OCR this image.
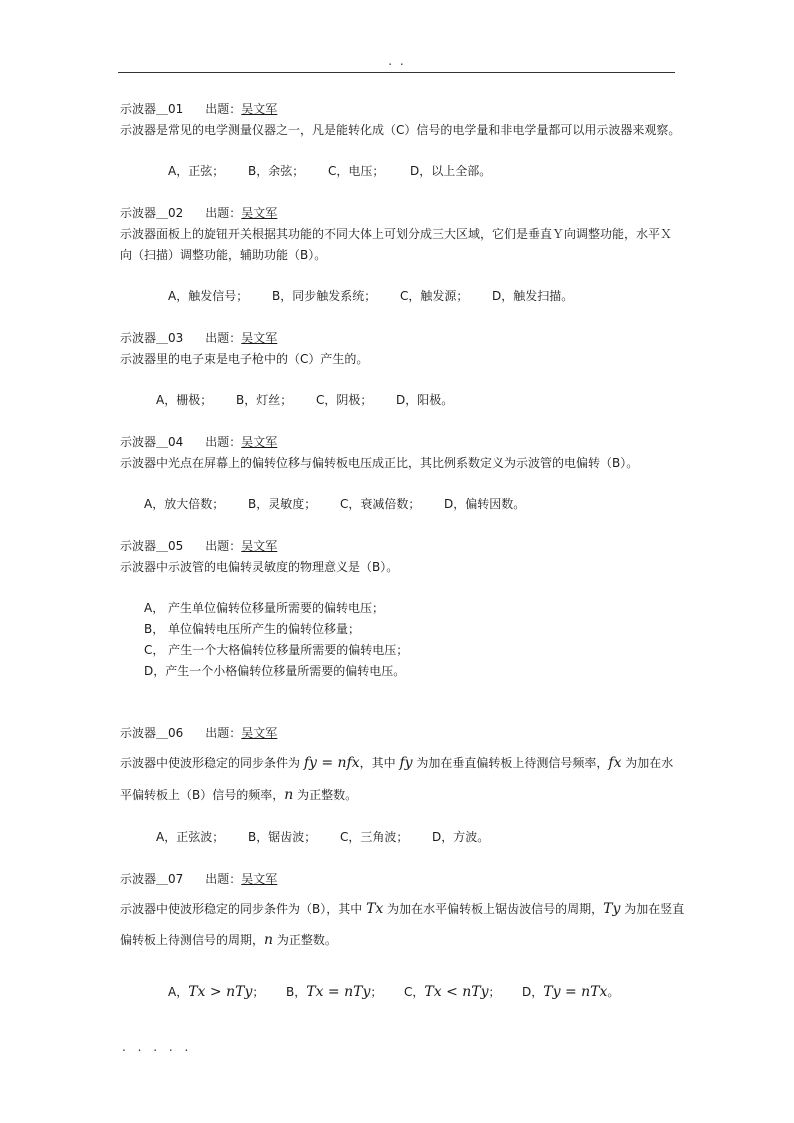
. .
示波器＿01 出题：吴文军
示波器是常见的电学测量仪器之一，凡是能转化成（C）信号的电学量和非电学量都可以用示波器来观察。
A，正弦； B，余弦； C，电压； D，以上全部。
示波器＿02 出题：吴文军
示波器面板上的旋钮开关根据其功能的不同大体上可划分成三大区域，它们是垂直Ｙ向调整功能，水平Ｘ
向（扫描）调整功能，辅助功能（B）。
A，触发信号； B，同步触发系统； C，触发源； D，触发扫描。
示波器＿03 出题：吴文军
示波器里的电子束是电子枪中的（C）产生的。
A，栅极； B，灯丝； C，阴极； D，阳极。
示波器＿04 出题：吴文军
示波器中光点在屏幕上的偏转位移与偏转板电压成正比，其比例系数定义为示波管的电偏转（B）。
A，放大倍数； B，灵敏度； C，衰减倍数； D，偏转因数。
示波器＿05 出题：吴文军
示波器中示波管的电偏转灵敏度的物理意义是（B）。
A， 产生单位偏转位移量所需要的偏转电压；
B， 单位偏转电压所产生的偏转位移量；
C， 产生一个大格偏转位移量所需要的偏转电压；
D，产生一个小格偏转位移量所需要的偏转电压。
示波器＿06 出题：吴文军
示波器中使波形稳定的同步条件为 fy = nfx，其中 fy 为加在垂直偏转板上待测信号频率，fx 为加在水
平偏转板上（B）信号的频率，n 为正整数。
A，正弦波； B，锯齿波； C，三角波； D，方波。
示波器＿07 出题：吴文军
示波器中使波形稳定的同步条件为（B），其中 Tx 为加在水平偏转板上锯齿波信号的周期，Ty 为加在竖直
偏转板上待测信号的周期，n 为正整数。
A，Tx > nTy； B，Tx = nTy； C，Tx < nTy； D，Ty = nTx。
. . . . .
